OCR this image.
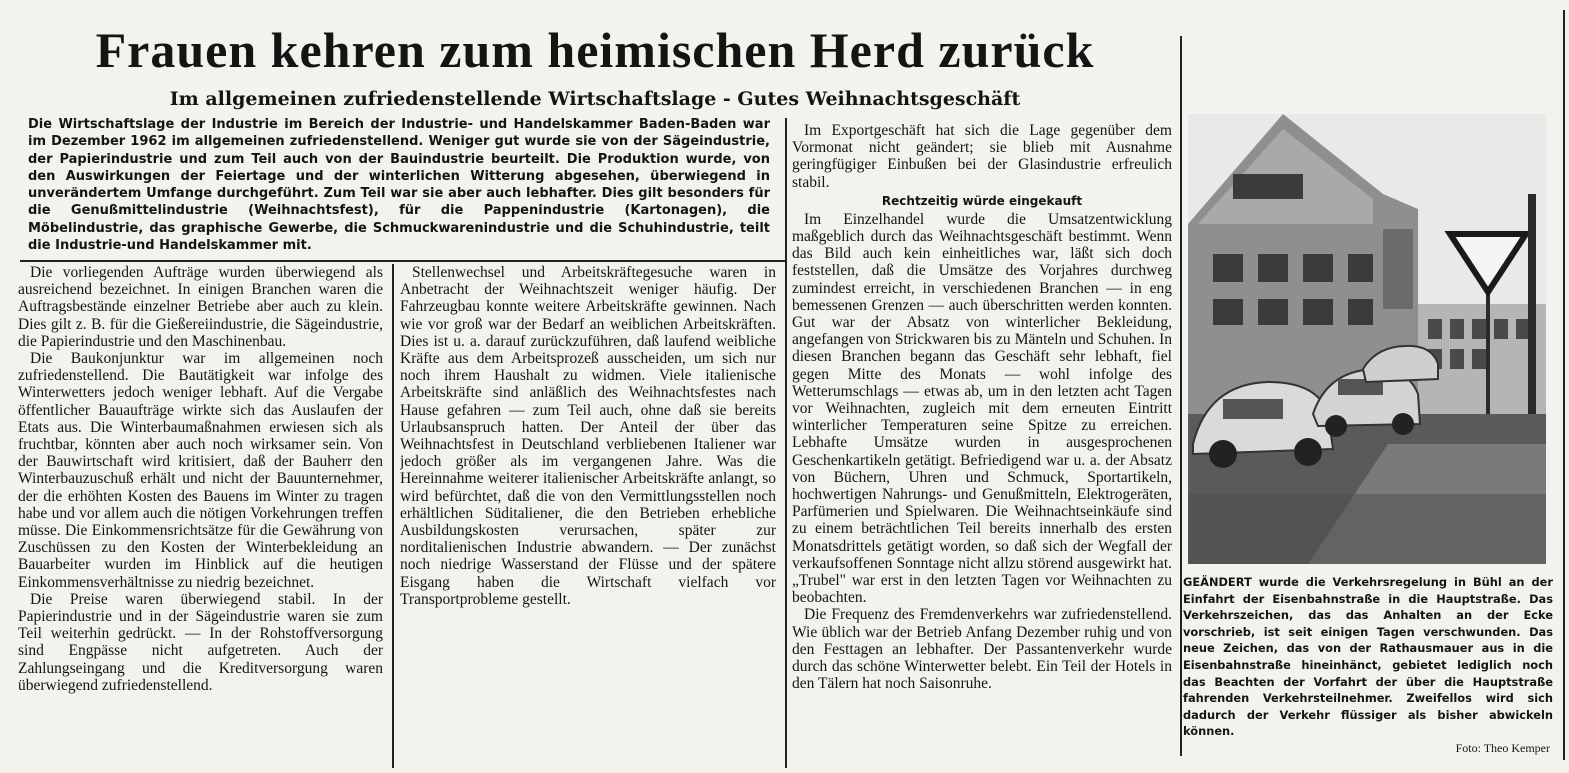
Frauen kehren zum heimischen Herd zurück
Im allgemeinen zufriedenstellende Wirtschaftslage - Gutes Weihnachtsgeschäft

Die Wirtschaftslage der Industrie im Bereich der Industrie- und Handelskammer Baden-Baden war im Dezember 1962 im allgemeinen zufriedenstellend. Weniger gut wurde sie von der Sägeindustrie, der Papierindustrie und zum Teil auch von der Bauindustrie beurteilt. Die Produktion wurde, von den Auswirkungen der Feiertage und der winterlichen Witterung abgesehen, überwiegend in unverändertem Umfange durchgeführt. Zum Teil war sie aber auch lebhafter. Dies gilt besonders für die Genußmittelindustrie (Weihnachtsfest), für die Pappenindustrie (Kartonagen), die Möbelindustrie, das graphische Gewerbe, die Schmuckwarenindustrie und die Schuhindustrie, teilt die Industrie-und Handelskammer mit.

Die vorliegenden Aufträge wurden überwiegend als ausreichend bezeichnet. In einigen Branchen waren die Auftragsbestände einzelner Betriebe aber auch zu klein. Dies gilt z. B. für die Gießereiindustrie, die Sägeindustrie, die Papierindustrie und den Maschinenbau.

Die Baukonjunktur war im allgemeinen noch zufriedenstellend. Die Bautätigkeit war infolge des Winterwetters jedoch weniger lebhaft. Auf die Vergabe öffentlicher Bauaufträge wirkte sich das Auslaufen der Etats aus. Die Winterbaumaßnahmen erwiesen sich als fruchtbar, könnten aber auch noch wirksamer sein. Von der Bauwirtschaft wird kritisiert, daß der Bauherr den Winterbauzuschuß erhält und nicht der Bauunternehmer, der die erhöhten Kosten des Bauens im Winter zu tragen habe und vor allem auch die nötigen Vorkehrungen treffen müsse. Die Einkommensrichtsätze für die Gewährung von Zuschüssen zu den Kosten der Winterbekleidung an Bauarbeiter wurden im Hinblick auf die heutigen Einkommensverhältnisse zu niedrig bezeichnet.

Die Preise waren überwiegend stabil. In der Papierindustrie und in der Sägeindustrie waren sie zum Teil weiterhin gedrückt. — In der Rohstoffversorgung sind Engpässe nicht aufgetreten. Auch der Zahlungseingang und die Kreditversorgung waren überwiegend zufriedenstellend.

Stellenwechsel und Arbeitskräftegesuche waren in Anbetracht der Weihnachtszeit weniger häufig. Der Fahrzeugbau konnte weitere Arbeitskräfte gewinnen. Nach wie vor groß war der Bedarf an weiblichen Arbeitskräften. Dies ist u. a. darauf zurückzuführen, daß laufend weibliche Kräfte aus dem Arbeitsprozeß ausscheiden, um sich nur noch ihrem Haushalt zu widmen. Viele italienische Arbeitskräfte sind anläßlich des Weihnachtsfestes nach Hause gefahren — zum Teil auch, ohne daß sie bereits Urlaubsanspruch hatten. Der Anteil der über das Weihnachtsfest in Deutschland verbliebenen Italiener war jedoch größer als im vergangenen Jahre. Was die Hereinnahme weiterer italienischer Arbeitskräfte anlangt, so wird befürchtet, daß die von den Vermittlungsstellen noch erhältlichen Süditaliener, die den Betrieben erhebliche Ausbildungskosten verursachen, später zur norditalienischen Industrie abwandern. — Der zunächst noch niedrige Wasserstand der Flüsse und der spätere Eisgang haben die Wirtschaft vielfach vor Transportprobleme gestellt.

Im Exportgeschäft hat sich die Lage gegenüber dem Vormonat nicht geändert; sie blieb mit Ausnahme geringfügiger Einbußen bei der Glasindustrie erfreulich stabil.

Rechtzeitig würde eingekauft

Im Einzelhandel wurde die Umsatzentwicklung maßgeblich durch das Weihnachtsgeschäft bestimmt. Wenn das Bild auch kein einheitliches war, läßt sich doch feststellen, daß die Umsätze des Vorjahres durchweg zumindest erreicht, in verschiedenen Branchen — in eng bemessenen Grenzen — auch überschritten werden konnten. Gut war der Absatz von winterlicher Bekleidung, angefangen von Strickwaren bis zu Mänteln und Schuhen. In diesen Branchen begann das Geschäft sehr lebhaft, fiel gegen Mitte des Monats — wohl infolge des Wetterumschlags — etwas ab, um in den letzten acht Tagen vor Weihnachten, zugleich mit dem erneuten Eintritt winterlicher Temperaturen seine Spitze zu erreichen. Lebhafte Umsätze wurden in ausgesprochenen Geschenkartikeln getätigt. Befriedigend war u. a. der Absatz von Büchern, Uhren und Schmuck, Sportartikeln, hochwertigen Nahrungs- und Genußmitteln, Elektrogeräten, Parfümerien und Spielwaren. Die Weihnachtseinkäufe sind zu einem beträchtlichen Teil bereits innerhalb des ersten Monatsdrittels getätigt worden, so daß sich der Wegfall der verkaufsoffenen Sonntage nicht allzu störend ausgewirkt hat. „Trubel" war erst in den letzten Tagen vor Weihnachten zu beobachten.

Die Frequenz des Fremdenverkehrs war zufriedenstellend. Wie üblich war der Betrieb Anfang Dezember ruhig und von den Festtagen an lebhafter. Der Passantenverkehr wurde durch das schöne Winterwetter belebt. Ein Teil der Hotels in den Tälern hat noch Saisonruhe.

GEÄNDERT wurde die Verkehrsregelung in Bühl an der Einfahrt der Eisenbahnstraße in die Hauptstraße. Das Verkehrszeichen, das das Anhalten an der Ecke vorschrieb, ist seit einigen Tagen verschwunden. Das neue Zeichen, das von der Rathausmauer aus in die Eisenbahnstraße hineinhänct, gebietet lediglich noch das Beachten der Vorfahrt der über die Hauptstraße fahrenden Verkehrsteilnehmer. Zweifellos wird sich dadurch der Verkehr flüssiger als bisher abwickeln können.

Foto: Theo Kemper
